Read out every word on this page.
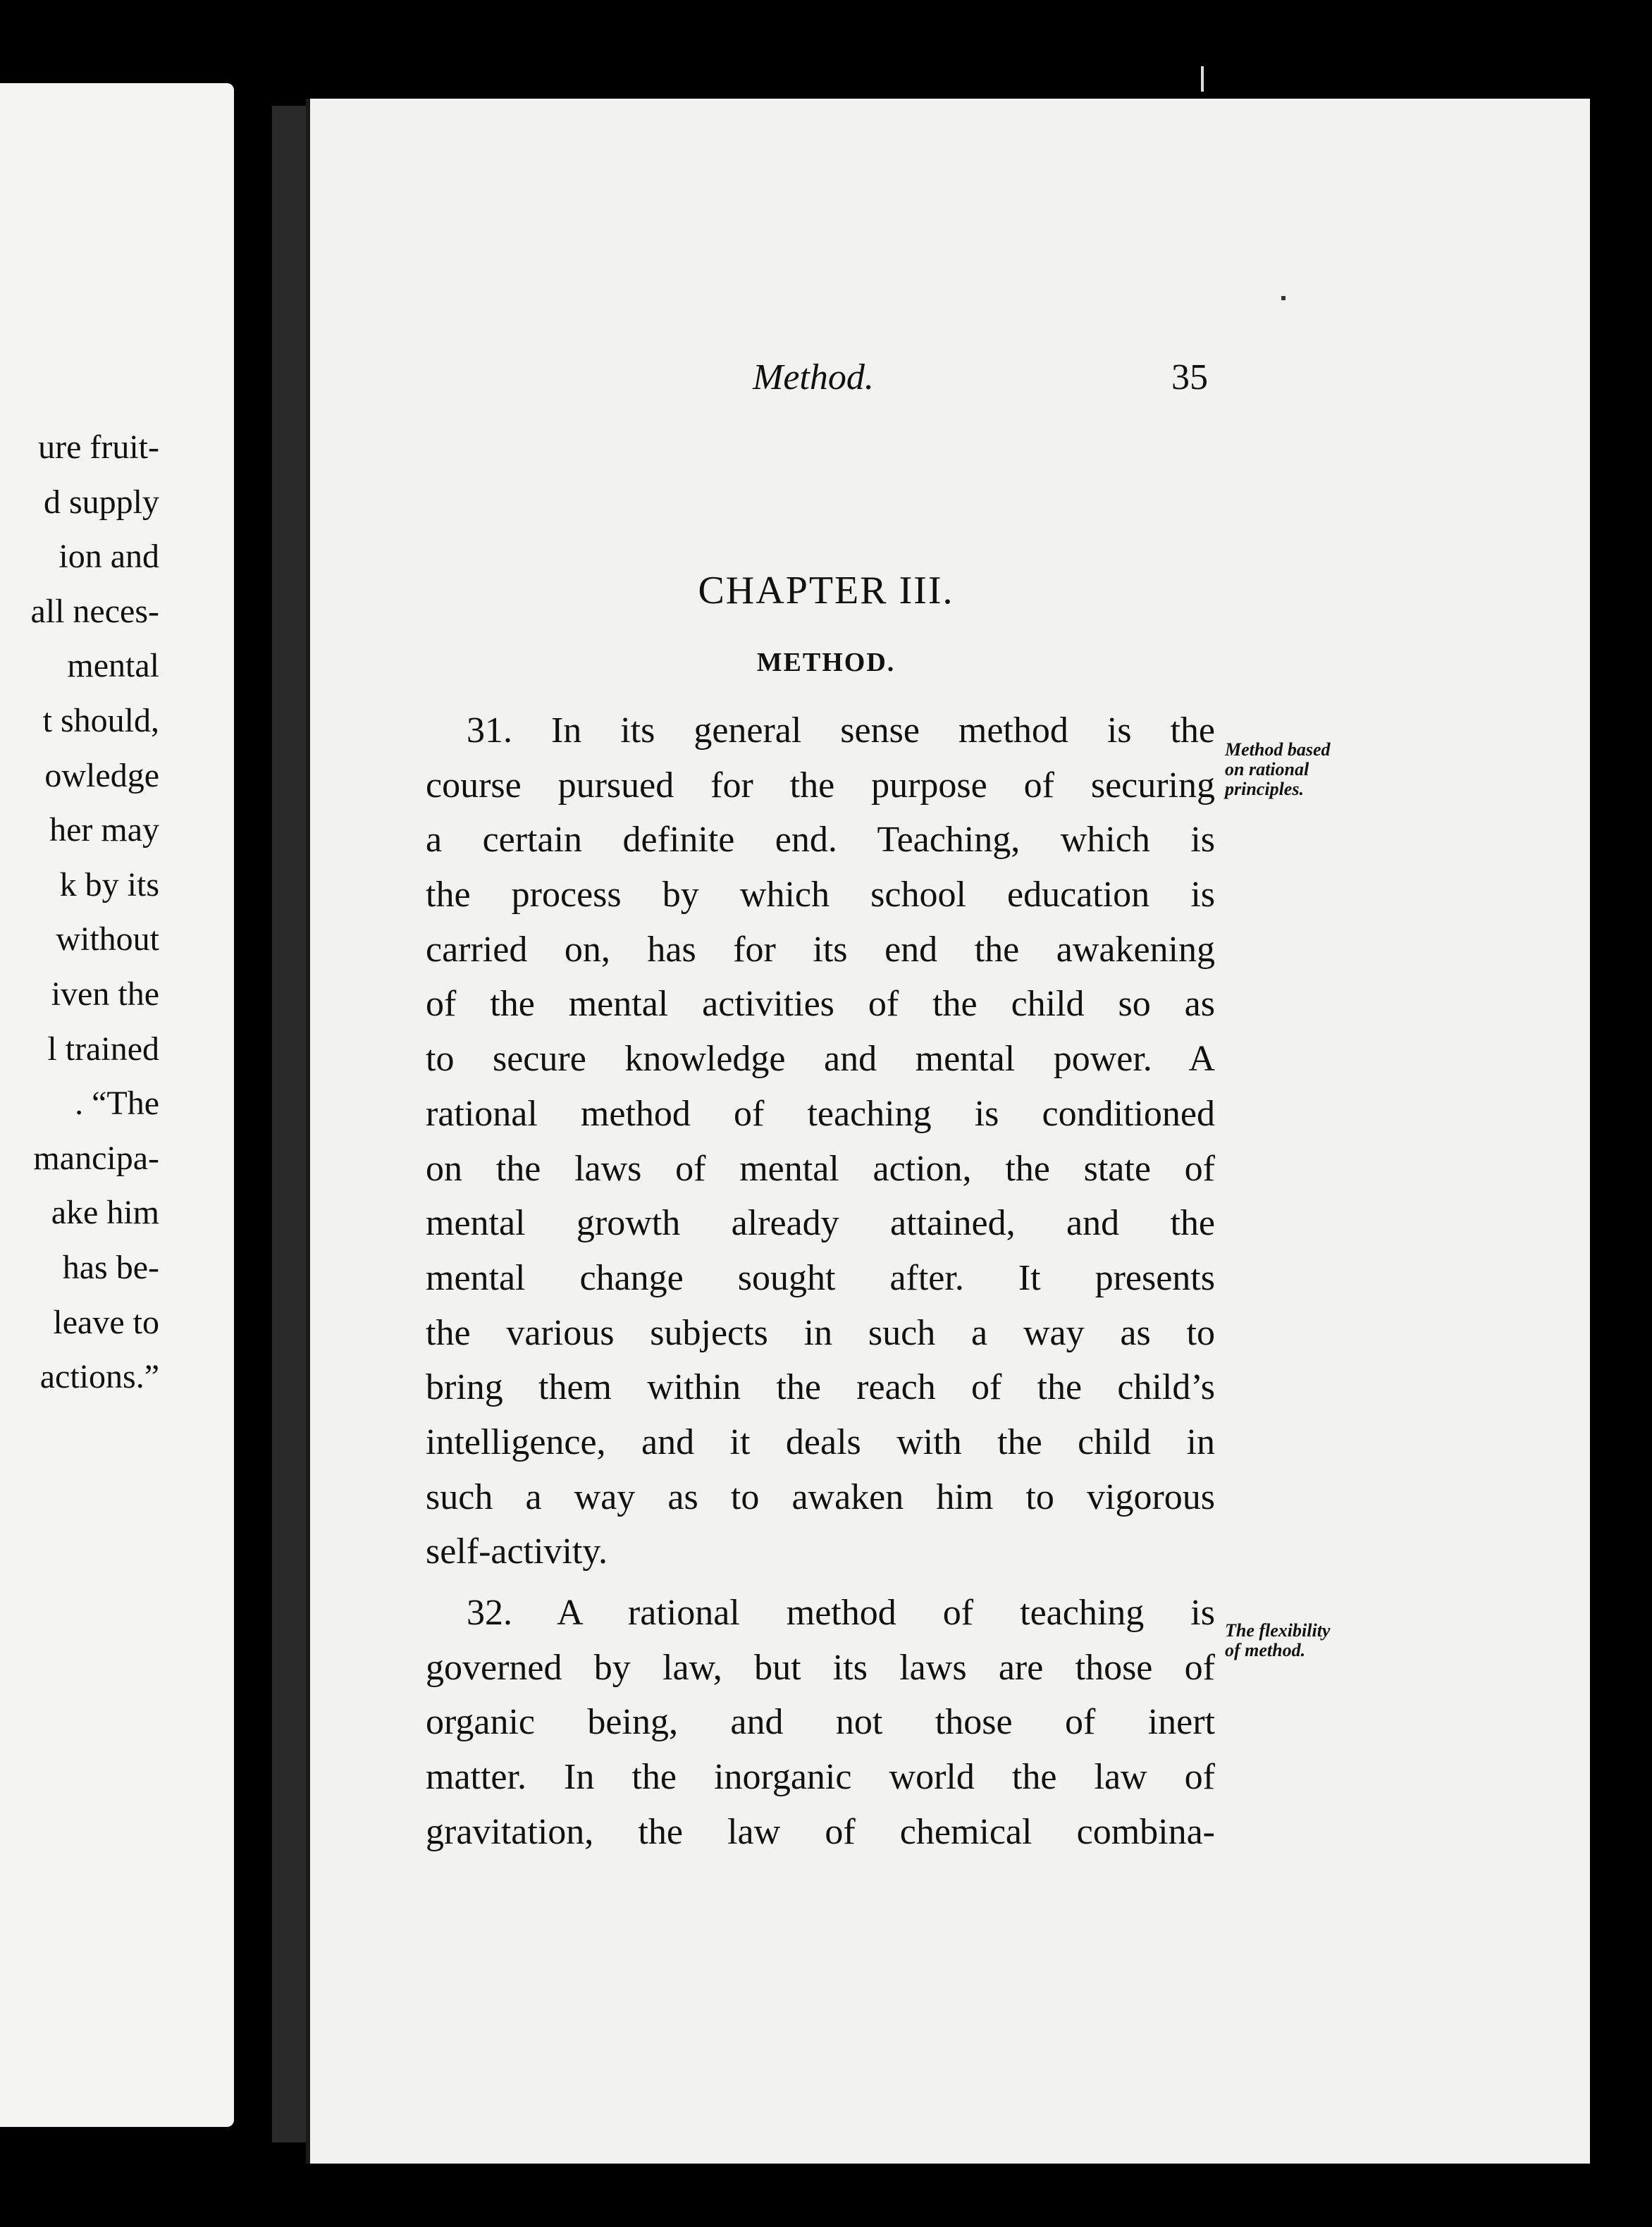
ure fruit-
d supply
ion and
all neces-
mental
t should,
owledge
her may
k by its
without
iven the
l trained
. “The
mancipa-
ake him
has be-
leave to
actions.”
Method.	35
CHAPTER III.
METHOD.
31. In its general sense method is the
course pursued for the purpose of securing
a certain definite end. Teaching, which is
the process by which school education is
carried on, has for its end the awakening
of the mental activities of the child so as
to secure knowledge and mental power. A
rational method of teaching is conditioned
on the laws of mental action, the state of
mental growth already attained, and the
mental change sought after. It presents
the various subjects in such a way as to
bring them within the reach of the child’s
intelligence, and it deals with the child in
such a way as to awaken him to vigorous
self-activity.
Method based
on rational
principles.
32. A rational method of teaching is
governed by law, but its laws are those of
organic being, and not those of inert
matter. In the inorganic world the law of
gravitation, the law of chemical combina-
The flexibility
of method.
